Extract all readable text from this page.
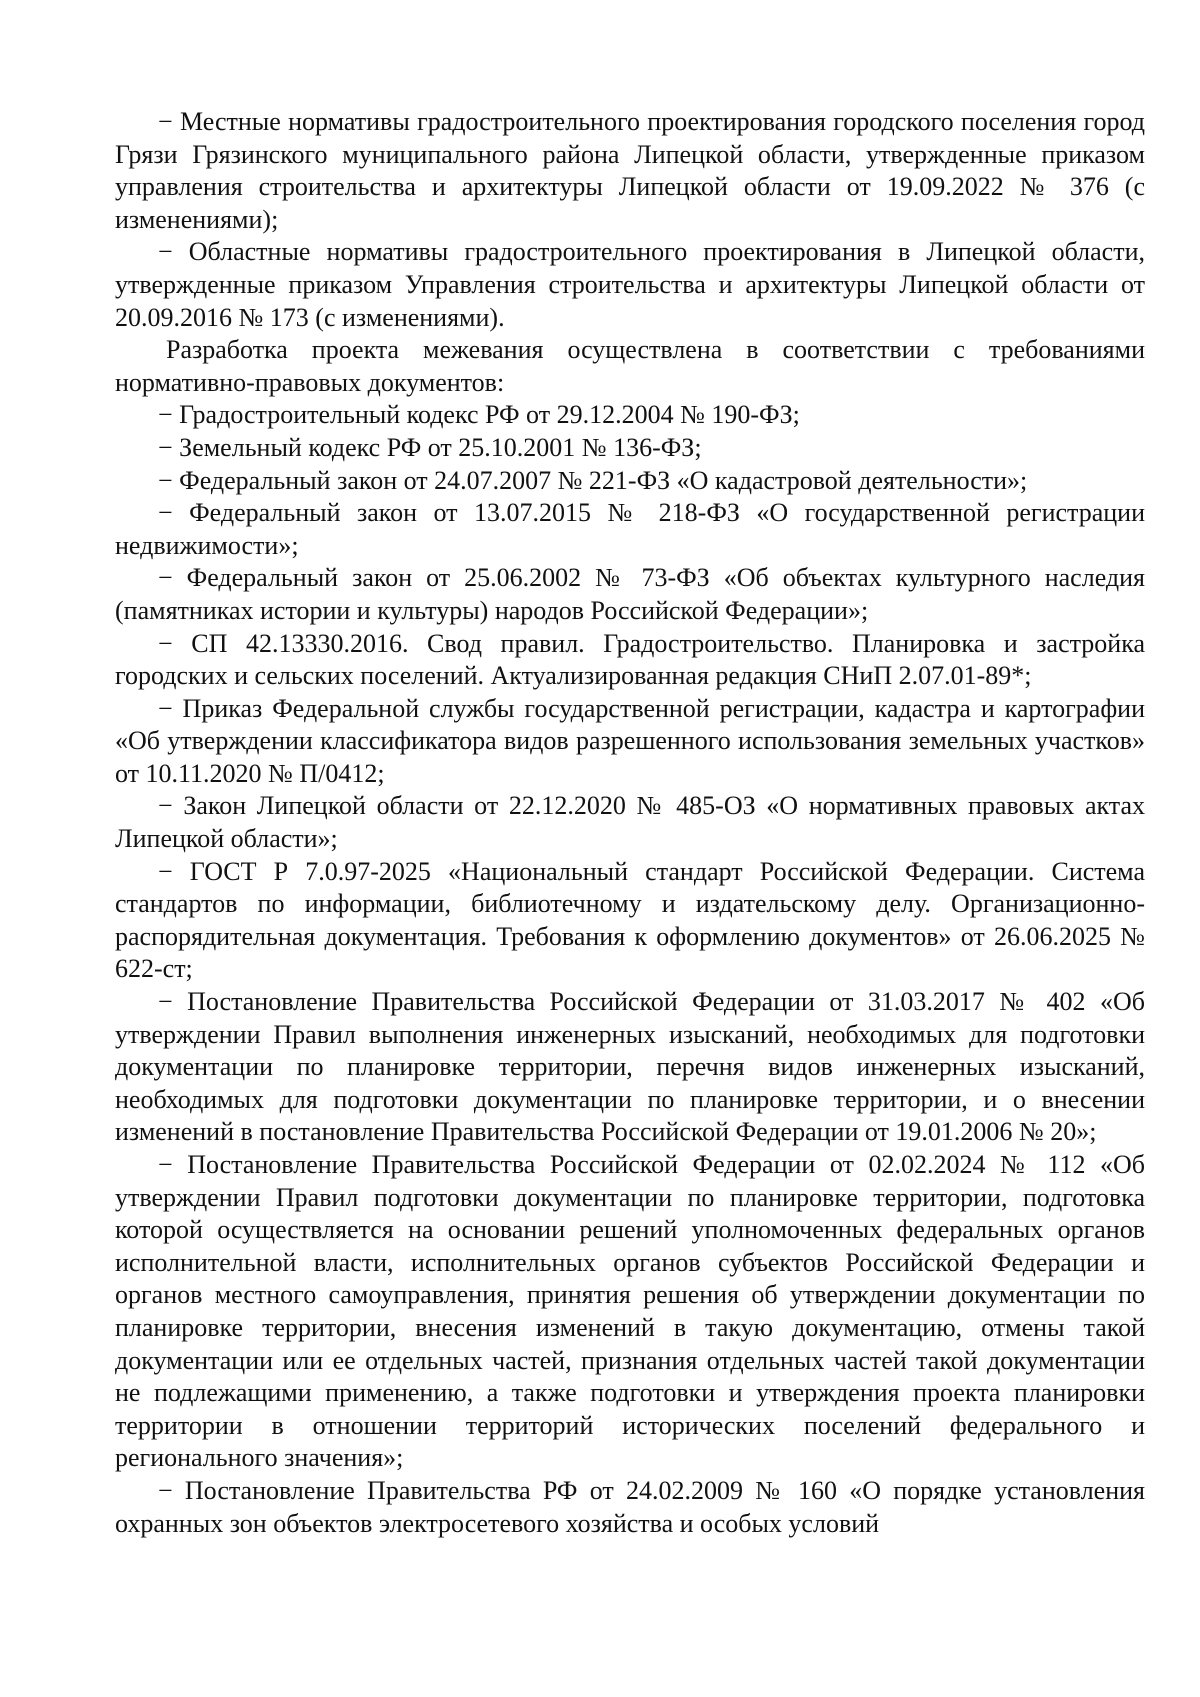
− Местные нормативы градостроительного проектирования городского поселения город Грязи Грязинского муниципального района Липецкой области, утвержденные приказом управления строительства и архитектуры Липецкой области от 19.09.2022 № 376 (с изменениями);

− Областные нормативы градостроительного проектирования в Липецкой области, утвержденные приказом Управления строительства и архитектуры Липецкой области от 20.09.2016 № 173 (с изменениями).

Разработка проекта межевания осуществлена в соответствии с требованиями нормативно-правовых документов:

− Градостроительный кодекс РФ от 29.12.2004 № 190-ФЗ;

− Земельный кодекс РФ от 25.10.2001 № 136-ФЗ;

− Федеральный закон от 24.07.2007 № 221-ФЗ «О кадастровой деятельности»;

− Федеральный закон от 13.07.2015 № 218-ФЗ «О государственной регистрации недвижимости»;

− Федеральный закон от 25.06.2002 № 73-ФЗ «Об объектах культурного наследия (памятниках истории и культуры) народов Российской Федерации»;

− СП 42.13330.2016. Свод правил. Градостроительство. Планировка и застройка городских и сельских поселений. Актуализированная редакция СНиП 2.07.01-89*;

− Приказ Федеральной службы государственной регистрации, кадастра и картографии «Об утверждении классификатора видов разрешенного использования земельных участков» от 10.11.2020 № П/0412;

− Закон Липецкой области от 22.12.2020 № 485-ОЗ «О нормативных правовых актах Липецкой области»;

− ГОСТ Р 7.0.97-2025 «Национальный стандарт Российской Федерации. Система стандартов по информации, библиотечному и издательскому делу. Организационно-распорядительная документация. Требования к оформлению документов» от 26.06.2025 № 622-ст;

− Постановление Правительства Российской Федерации от 31.03.2017 № 402 «Об утверждении Правил выполнения инженерных изысканий, необходимых для подготовки документации по планировке территории, перечня видов инженерных изысканий, необходимых для подготовки документации по планировке территории, и о внесении изменений в постановление Правительства Российской Федерации от 19.01.2006 № 20»;

− Постановление Правительства Российской Федерации от 02.02.2024 № 112 «Об утверждении Правил подготовки документации по планировке территории, подготовка которой осуществляется на основании решений уполномоченных федеральных органов исполнительной власти, исполнительных органов субъектов Российской Федерации и органов местного самоуправления, принятия решения об утверждении документации по планировке территории, внесения изменений в такую документацию, отмены такой документации или ее отдельных частей, признания отдельных частей такой документации не подлежащими применению, а также подготовки и утверждения проекта планировки территории в отношении территорий исторических поселений федерального и регионального значения»;

− Постановление Правительства РФ от 24.02.2009 № 160 «О порядке установления охранных зон объектов электросетевого хозяйства и особых условий
